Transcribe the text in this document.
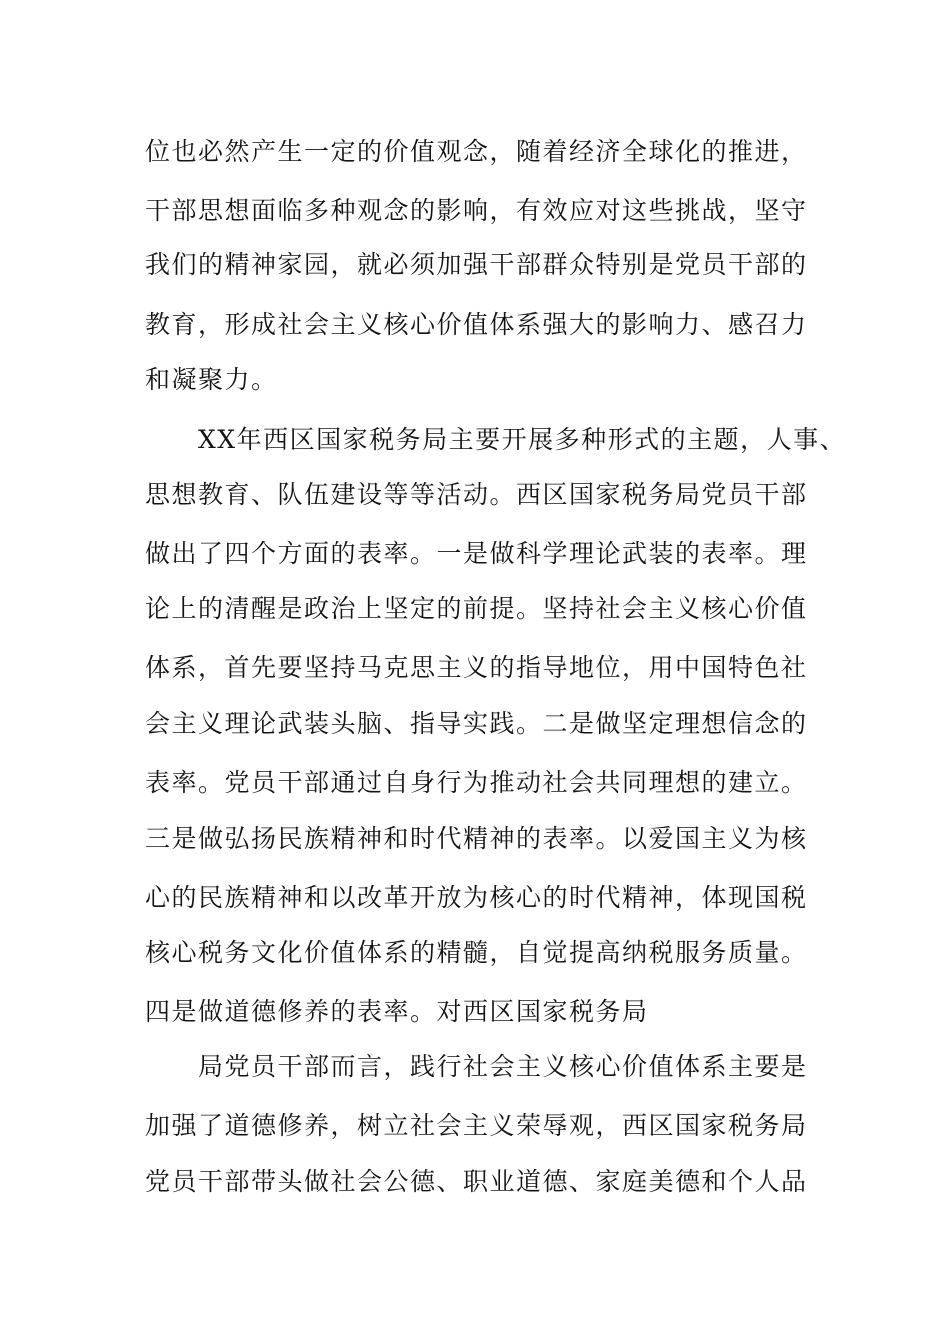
位也必然产生一定的价值观念，随着经济全球化的推进，
干部思想面临多种观念的影响，有效应对这些挑战，坚守
我们的精神家园，就必须加强干部群众特别是党员干部的
教育，形成社会主义核心价值体系强大的影响力、感召力
和凝聚力。
XX年西区国家税务局主要开展多种形式的主题，人事、
思想教育、队伍建设等等活动。西区国家税务局党员干部
做出了四个方面的表率。一是做科学理论武装的表率。理
论上的清醒是政治上坚定的前提。坚持社会主义核心价值
体系，首先要坚持马克思主义的指导地位，用中国特色社
会主义理论武装头脑、指导实践。二是做坚定理想信念的
表率。党员干部通过自身行为推动社会共同理想的建立。
三是做弘扬民族精神和时代精神的表率。以爱国主义为核
心的民族精神和以改革开放为核心的时代精神，体现国税
核心税务文化价值体系的精髓，自觉提高纳税服务质量。
四是做道德修养的表率。对西区国家税务局
局党员干部而言，践行社会主义核心价值体系主要是
加强了道德修养，树立社会主义荣辱观，西区国家税务局
党员干部带头做社会公德、职业道德、家庭美德和个人品
